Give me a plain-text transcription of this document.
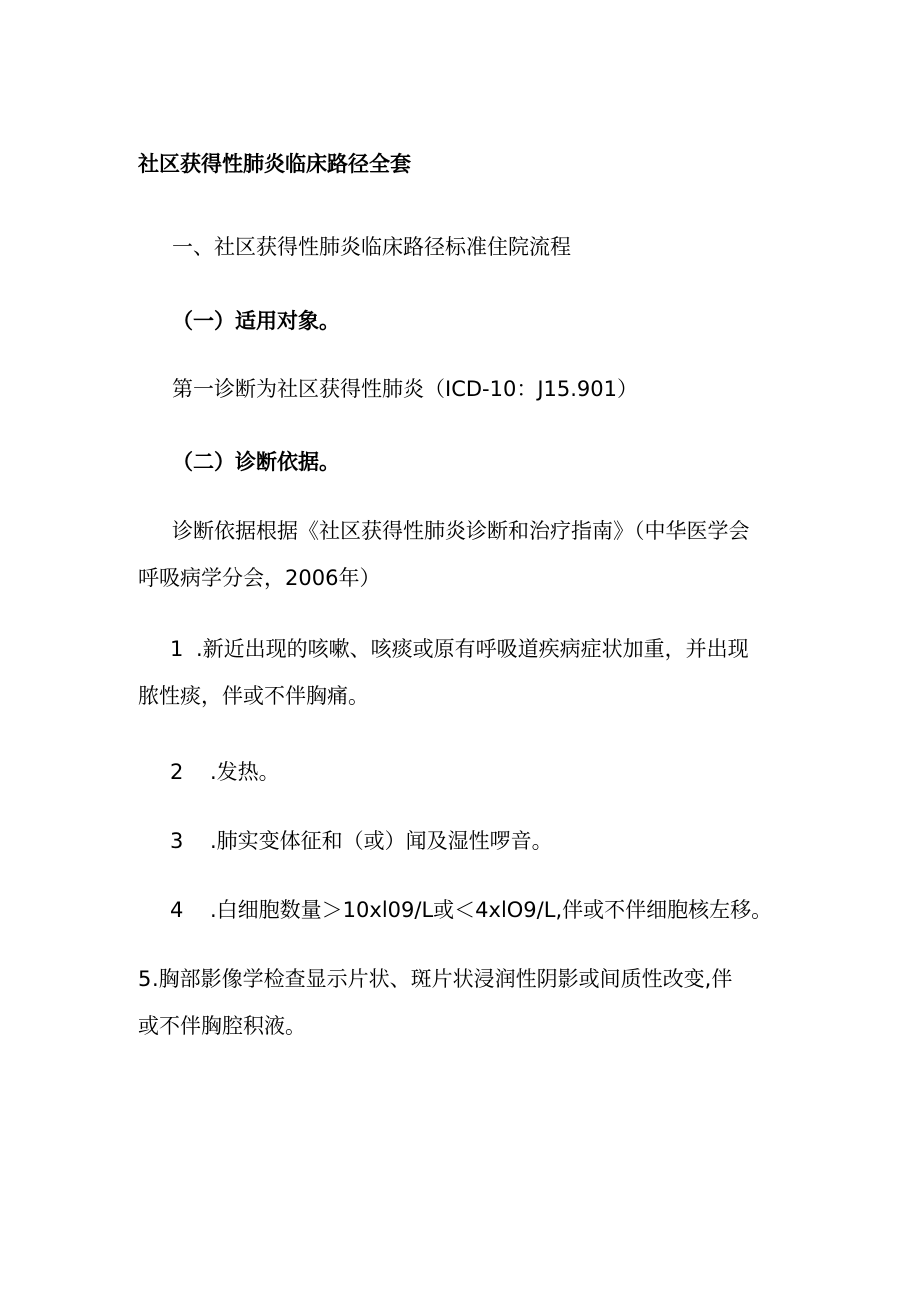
社区获得性肺炎临床路径全套
一、社区获得性肺炎临床路径标准住院流程
（一）适用对象。
第一诊断为社区获得性肺炎（ICD-10：J15.901）
（二）诊断依据。
诊断依据根据《社区获得性肺炎诊断和治疗指南》（中华医学会
呼吸病学分会，2006年）
1 .新近出现的咳嗽、咳痰或原有呼吸道疾病症状加重，并出现
脓性痰，伴或不伴胸痛。
2 .发热。
3 .肺实变体征和（或）闻及湿性啰音。
4 .白细胞数量＞10xl09/L或＜4xlO9/L,伴或不伴细胞核左移。
5 .胸部影像学检查显示片状、斑片状浸润性阴影或间质性改变,伴
或不伴胸腔积液。
